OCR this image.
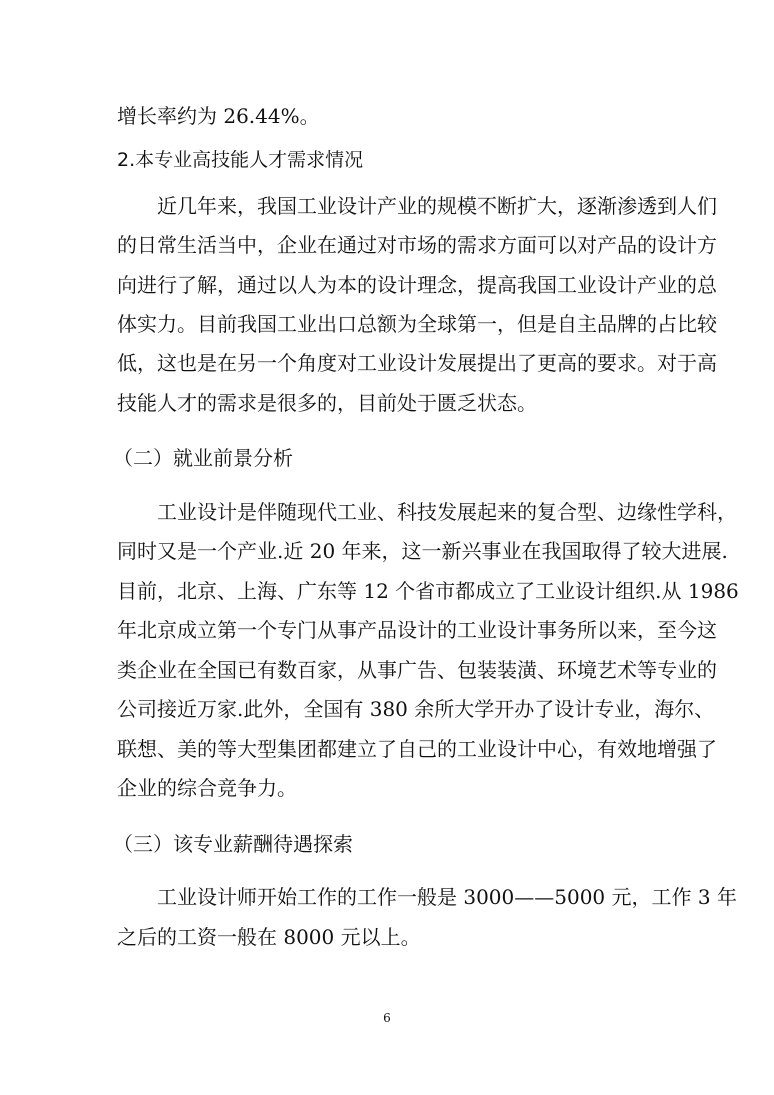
增长率约为 26.44%。
2.本专业高技能人才需求情况
近几年来，我国工业设计产业的规模不断扩大，逐渐渗透到人们
的日常生活当中，企业在通过对市场的需求方面可以对产品的设计方
向进行了解，通过以人为本的设计理念，提高我国工业设计产业的总
体实力。目前我国工业出口总额为全球第一，但是自主品牌的占比较
低，这也是在另一个角度对工业设计发展提出了更高的要求。对于高
技能人才的需求是很多的，目前处于匮乏状态。
（二）就业前景分析
工业设计是伴随现代工业、科技发展起来的复合型、边缘性学科，
同时又是一个产业.近 20 年来，这一新兴事业在我国取得了较大进展.
目前，北京、上海、广东等 12 个省市都成立了工业设计组织.从 1986
年北京成立第一个专门从事产品设计的工业设计事务所以来，至今这
类企业在全国已有数百家，从事广告、包装装潢、环境艺术等专业的
公司接近万家.此外，全国有 380 余所大学开办了设计专业，海尔、
联想、美的等大型集团都建立了自己的工业设计中心，有效地增强了
企业的综合竞争力。
（三）该专业薪酬待遇探索
工业设计师开始工作的工作一般是 3000——5000 元，工作 3 年
之后的工资一般在 8000 元以上。
6
